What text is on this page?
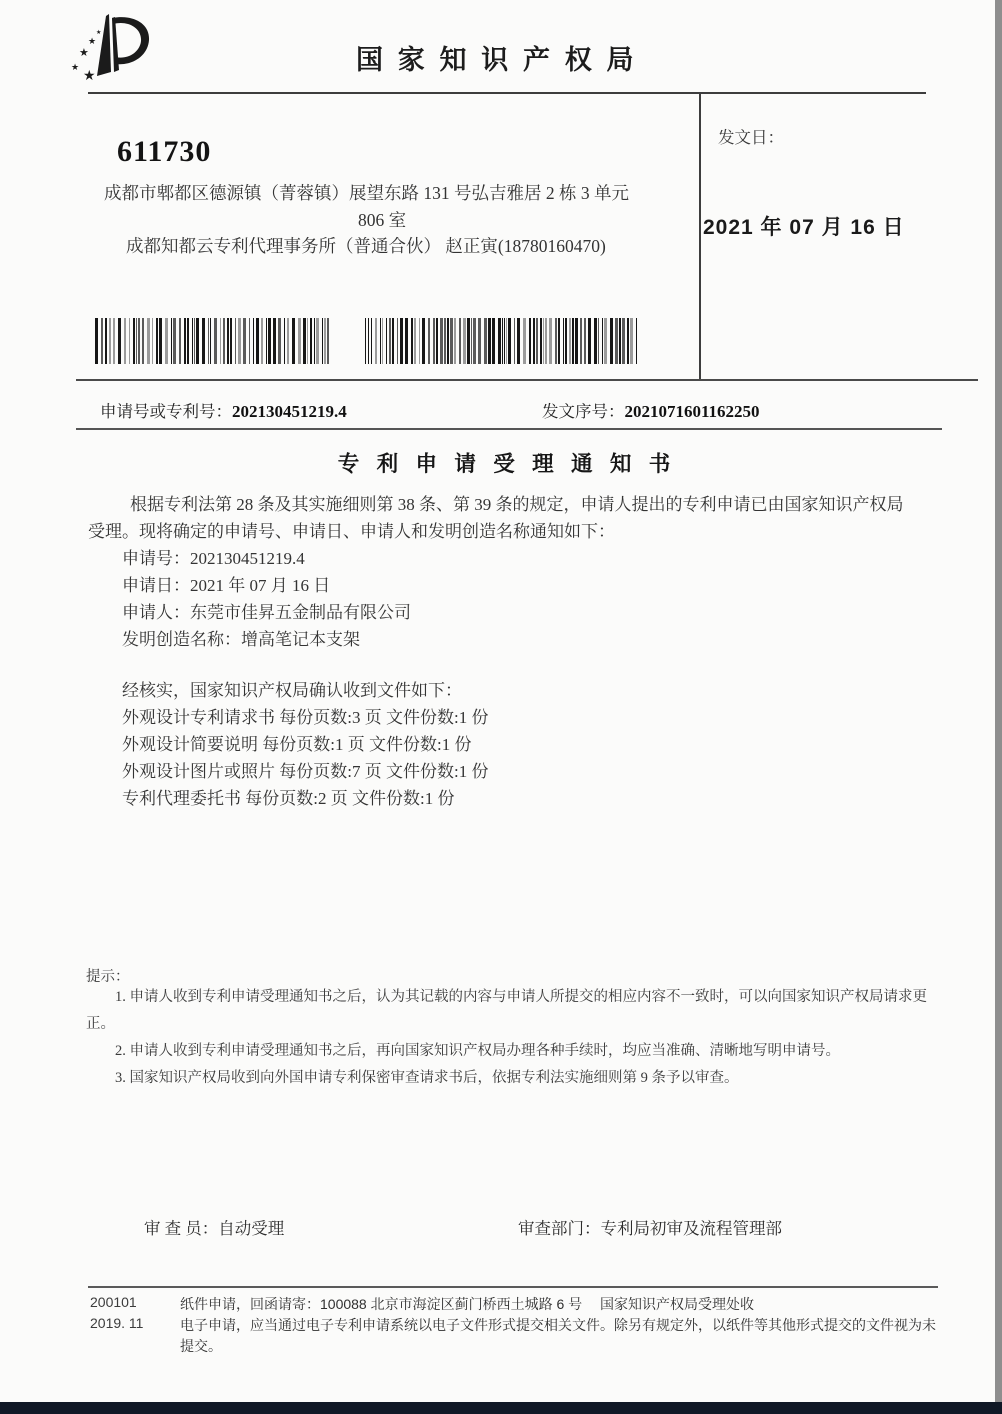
★
★
★
★
★
国 家 知 识 产 权 局
611730
成都市郫都区德源镇（菁蓉镇）展望东路 131 号弘吉雅居 2 栋 3 单元
806 室
成都知都云专利代理事务所（普通合伙） 赵正寅(18780160470)
发文日：
2021 年 07 月 16 日
申请号或专利号：202130451219.4	发文序号：2021071601162250
专 利 申 请 受 理 通 知 书
根据专利法第 28 条及其实施细则第 38 条、第 39 条的规定，申请人提出的专利申请已由国家知识产权局
受理。现将确定的申请号、申请日、申请人和发明创造名称通知如下：
申请号：202130451219.4
申请日：2021 年 07 月 16 日
申请人：东莞市佳昇五金制品有限公司
发明创造名称：增高笔记本支架
经核实，国家知识产权局确认收到文件如下：
外观设计专利请求书 每份页数:3 页 文件份数:1 份
外观设计简要说明 每份页数:1 页 文件份数:1 份
外观设计图片或照片 每份页数:7 页 文件份数:1 份
专利代理委托书 每份页数:2 页 文件份数:1 份
提示：
1. 申请人收到专利申请受理通知书之后，认为其记载的内容与申请人所提交的相应内容不一致时，可以向国家知识产权局请求更正。
2. 申请人收到专利申请受理通知书之后，再向国家知识产权局办理各种手续时，均应当准确、清晰地写明申请号。
3. 国家知识产权局收到向外国申请专利保密审查请求书后，依据专利法实施细则第 9 条予以审查。
审 查 员：自动受理	审查部门：专利局初审及流程管理部
200101
2019. 11
纸件申请，回函请寄：100088 北京市海淀区蓟门桥西土城路 6 号　 国家知识产权局受理处收
电子申请，应当通过电子专利申请系统以电子文件形式提交相关文件。除另有规定外，以纸件等其他形式提交的文件视为未提交。
